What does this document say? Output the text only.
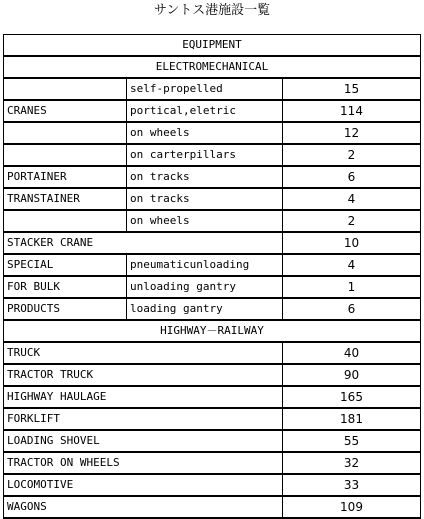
サントス港施設一覧
EQUIPMENT		
ELECTROMECHANICAL		
	self-propelled	15
CRANES	portical,eletric	114
	on wheels	12
	on carterpillars	2
PORTAINER	on tracks	6
TRANSTAINER	on tracks	4
	on wheels	2
STACKER CRANE		10
SPECIAL	pneumaticunloading	4
FOR BULK	unloading gantry	1
PRODUCTS	loading gantry	6
HIGHWAY－RAILWAY		
TRUCK		40
TRACTOR TRUCK		90
HIGHWAY HAULAGE		165
FORKLIFT		181
LOADING SHOVEL		55
TRACTOR ON WHEELS		32
LOCOMOTIVE		33
WAGONS		109
